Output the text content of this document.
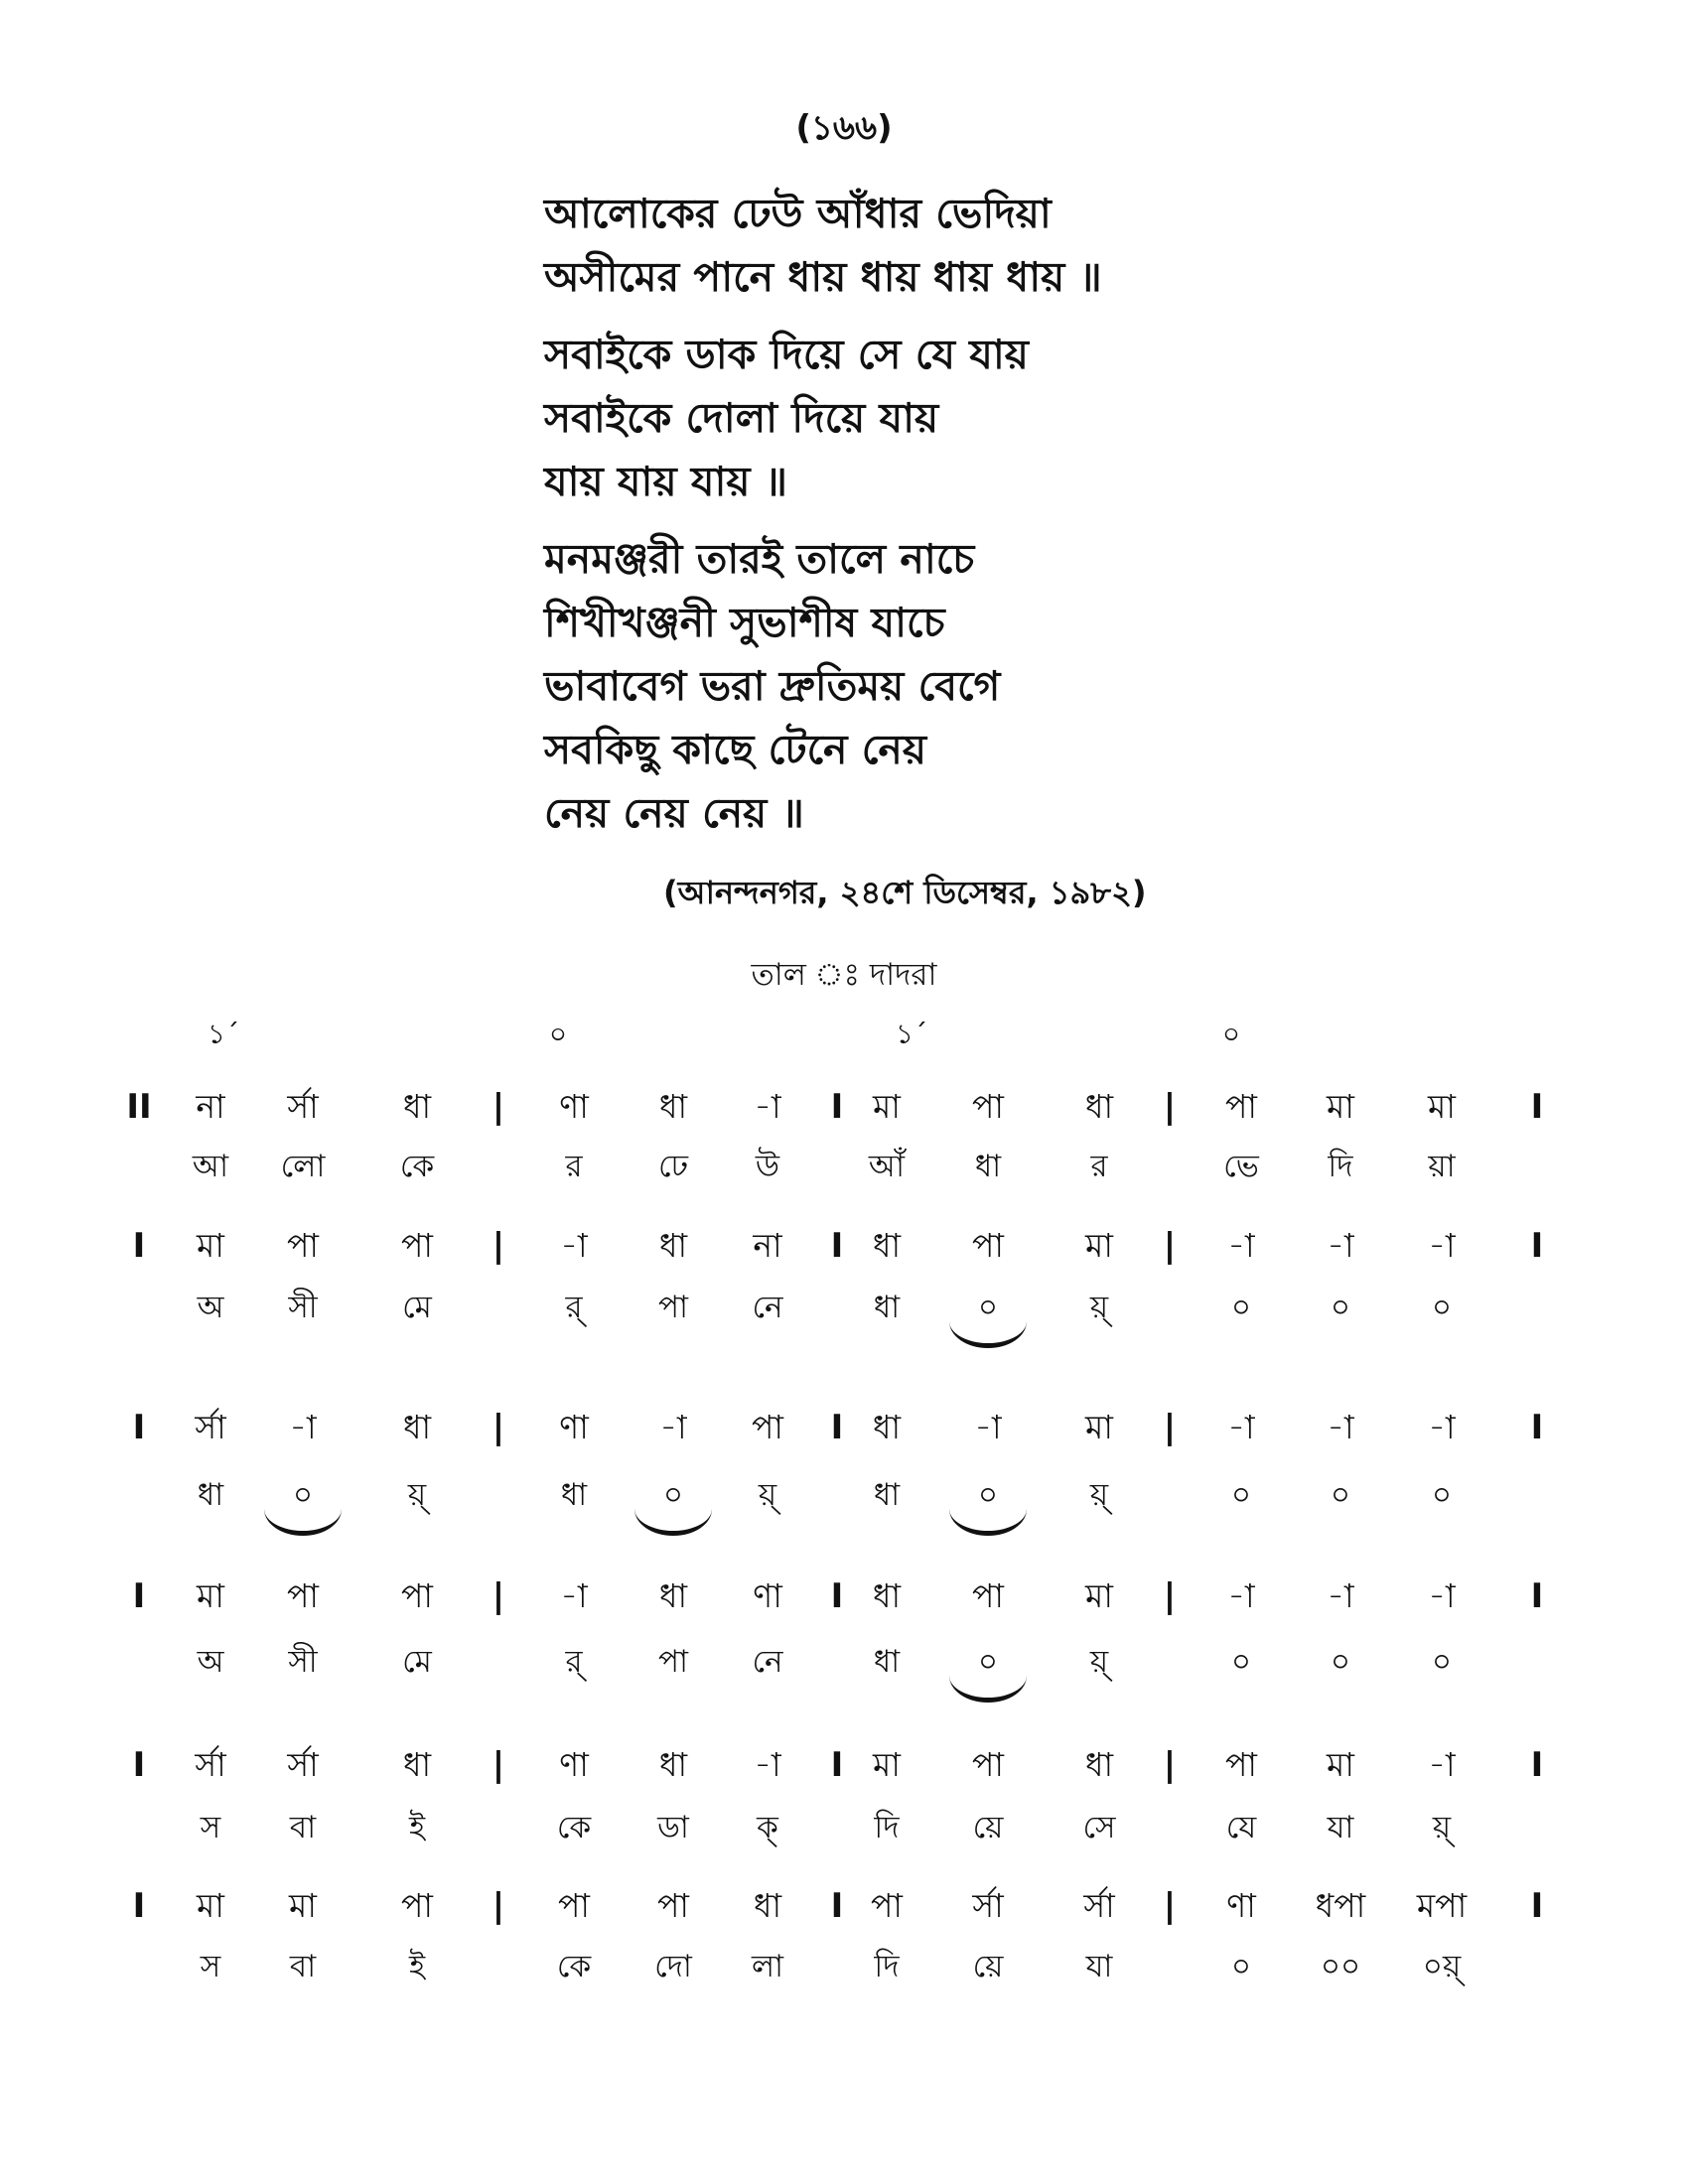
(১৬৬)
আলোকের ঢেউ আঁধার ভেদিয়া
অসীমের পানে ধায় ধায় ধায় ধায় ॥
সবাইকে ডাক দিয়ে সে যে যায়
সবাইকে দোলা দিয়ে যায়
যায় যায় যায় ॥
মনমঞ্জরী তারই তালে নাচে
শিখীখঞ্জনী সুভাশীষ যাচে
ভাবাবেগ ভরা দ্রুতিময় বেগে
সবকিছু কাছে টেনে নেয়
নেয় নেয় নেয় ॥
(আনন্দনগর, ২৪শে ডিসেম্বর, ১৯৮২)
তাল ঃ দাদরা
১´	০	১´	০
II	|	I	|	I
না র্সা	ধা	ণা ধা -া	মা পা ধা	পা মা মা
আ লো কে	র ঢে উ	আঁ ধা	র	ভে দি য়া
I	|	I	|	I
মা পা	পা	-া ধা না	ধা পা মা	-া -া -া
অ সী	মে	র্ পা নে	ধা	০	য়্	০	০	০
I	|	I	|	I
র্সা -া	ধা	ণা -া পা	ধা -া	মা	-া -া -া
ধা ০	য়্	ধা ০ য়্	ধা	০	য়্	০	০	০
I	|	I	|	I
মা পা	পা	-া ধা ণা	ধা পা মা	-া -া -া
অ সী	মে	র্ পা নে	ধা	০	য়্	০	০	০
I	|	I	|	I
র্সা র্সা	ধা	ণা ধা -া	মা পা ধা	পা মা -া
স বা	ই	কে ডা ক্	দি য়ে	সে	যে যা	য়্
I	|	I	|	I
মা মা	পা	পা পা ধা	পা র্সা র্সা	ণা ধপা মপা
স বা	ই	কে দো লা	দি য়ে	যা	০ ০০ ০য়্
